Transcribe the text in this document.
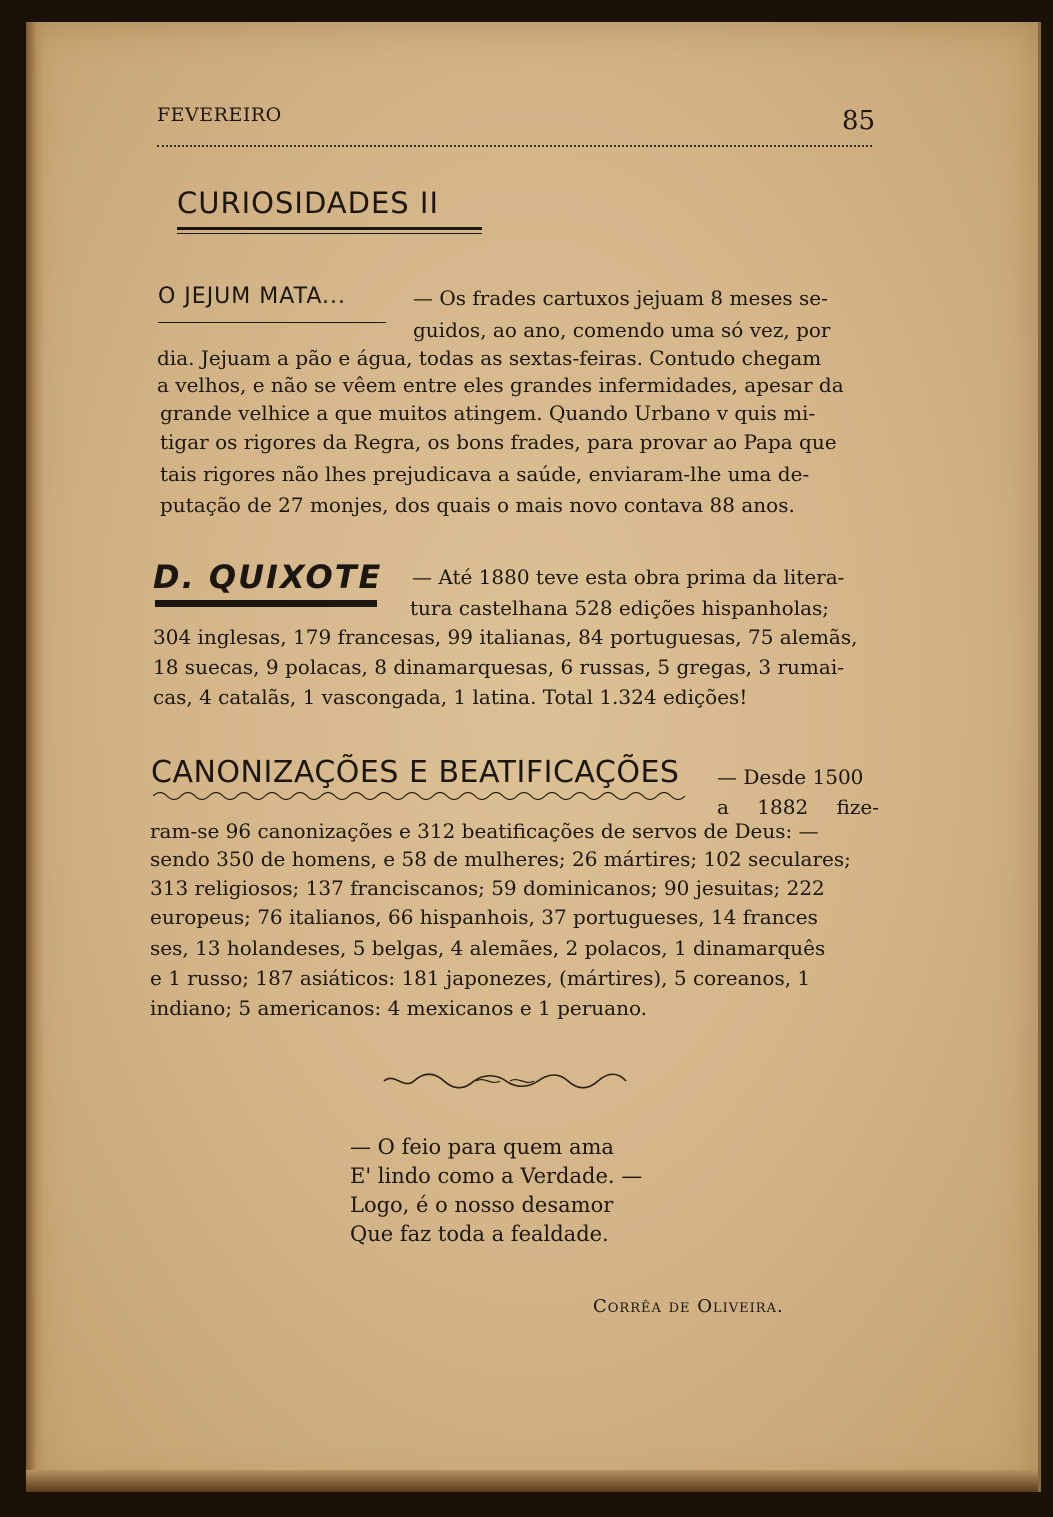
FEVEREIRO	85
CURIOSIDADES II
O JEJUM MATA...	— Os frades cartuxos jejuam 8 meses se-
guidos, ao ano, comendo uma só vez, por
dia. Jejuam a pão e água, todas as sextas-feiras. Contudo chegam
a velhos, e não se vêem entre eles grandes infermidades, apesar da
grande velhice a que muitos atingem. Quando Urbano v quis mi-
tigar os rigores da Regra, os bons frades, para provar ao Papa que
tais rigores não lhes prejudicava a saúde, enviaram-lhe uma de-
putação de 27 monjes, dos quais o mais novo contava 88 anos.
D. QUIXOTE — Até 1880 teve esta obra prima da litera-
tura castelhana 528 edições hispanholas;
304 inglesas, 179 francesas, 99 italianas, 84 portuguesas, 75 alemãs,
18 suecas, 9 polacas, 8 dinamarquesas, 6 russas, 5 gregas, 3 rumai-
cas, 4 catalãs, 1 vascongada, 1 latina. Total 1.324 edições!
CANONIZAÇÕES E BEATIFICAÇÕES — Desde 1500
a 1882 fize-
ram-se 96 canonizações e 312 beatificações de servos de Deus: —
sendo 350 de homens, e 58 de mulheres; 26 mártires; 102 seculares;
313 religiosos; 137 franciscanos; 59 dominicanos; 90 jesuitas; 222
europeus; 76 italianos, 66 hispanhois, 37 portugueses, 14 frances
ses, 13 holandeses, 5 belgas, 4 alemães, 2 polacos, 1 dinamarquês
e 1 russo; 187 asiáticos: 181 japonezes, (mártires), 5 coreanos, 1
indiano; 5 americanos: 4 mexicanos e 1 peruano.
— O feio para quem ama
E' lindo como a Verdade. —
Logo, é o nosso desamor
Que faz toda a fealdade.
Corrêa de Oliveira.
